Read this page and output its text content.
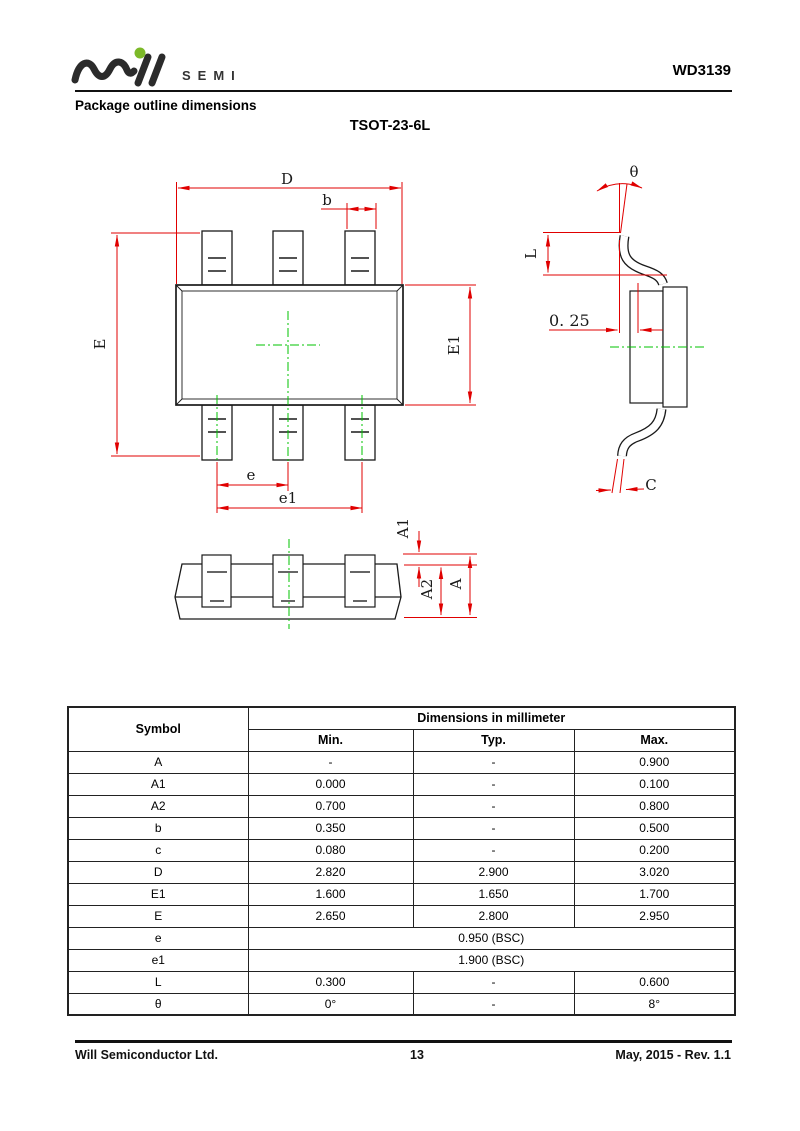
SEMI	WD3139
Package outline dimensions
TSOT-23-6L
D
b
E	E1
e
e1
θ
L
0. 25
C
A1
A2 A
Symbol	Dimensions in millimeter		
	Min.	Typ.	Max.
A	-	-	0.900
A1	0.000	-	0.100
A2	0.700	-	0.800
b	0.350	-	0.500
c	0.080	-	0.200
D	2.820	2.900	3.020
E1	1.600	1.650	1.700
E	2.650	2.800	2.950
e	0.950 (BSC)		
e1	1.900 (BSC)		
L	0.300	-	0.600
θ	0°	-	8°
Will Semiconductor Ltd.	13	May, 2015 - Rev. 1.1
